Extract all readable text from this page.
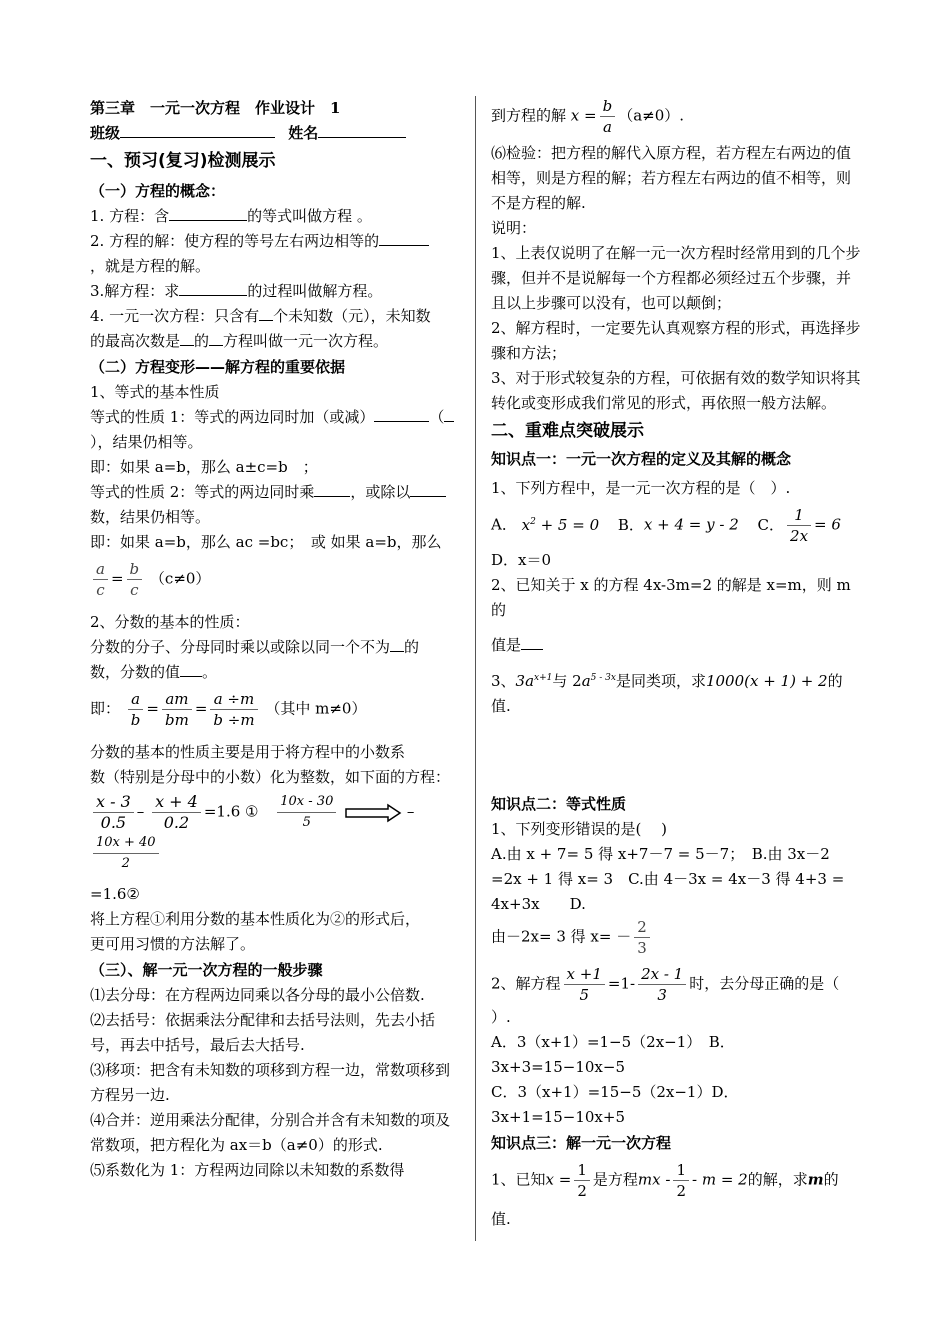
第三章　一元一次方程　作业设计　1
班级	姓名
一、预习(复习)检测展示
（一）方程的概念：
1. 方程：含	的等式叫做方程 。
2. 方程的解：使方程的等号左右两边相等的
，就是方程的解。
3.解方程：求	的过程叫做解方程。
4. 一元一次方程：只含有 个未知数（元），未知数
的最高次数是 的 方程叫做一元一次方程。
（二）方程变形——解方程的重要依据
1、等式的基本性质
等式的性质 1：等式的两边同时加（或减）	（
），结果仍相等。
即：如果 a=b，那么 a±c=b　；
等式的性质 2：等式的两边同时乘 ，或除以
数，结果仍相等。
即：如果 a=b，那么 ac =bc；　或 如果 a=b，那么
$\frac{a}{c} = \frac{b}{c} (c\ne 0)$
2、分数的基本的性质：
分数的分子、分母同时乘以或除以同一个不为 的
数，分数的值 。
即： $\frac{a}{b} = \frac{am}{bm} = \frac{a \div m}{b \div m}$ （其中 m≠0）
分数的基本的性质主要是用于将方程中的小数系
数（特别是分母中的小数）化为整数，如下面的方程：
$\frac{x - 3}{0.5} - \frac{x + 4}{0.2} =1.6$ ① $\frac{10x - 30}{5}$	–
$\frac{10x + 40}{2}$
=1.6②
将上方程①利用分数的基本性质化为②的形式后，
更可用习惯的方法解了。
（三）、解一元一次方程的一般步骤
⑴去分母：在方程两边同乘以各分母的最小公倍数.
⑵去括号：依据乘法分配律和去括号法则，先去小括号，再去中括号，最后去大括号.
⑶移项：把含有未知数的项移到方程一边，常数项移到方程另一边.
⑷合并：逆用乘法分配律，分别合并含有未知数的项及常数项，把方程化为 ax＝b（a≠0）的形式.
⑸系数化为 1：方程两边同除以未知数的系数得
到方程的解 $x = \frac{b}{a} (a\ne 0)$.
⑹检验：把方程的解代入原方程，若方程左右两边的值相等，则是方程的解；若方程左右两边的值不相等，则不是方程的解.
说明：
1、上表仅说明了在解一元一次方程时经常用到的几个步骤，但并不是说解每一个方程都必须经过五个步骤，并且以上步骤可以没有，也可以颠倒；
2、解方程时，一定要先认真观察方程的形式，再选择步骤和方法；
3、对于形式较复杂的方程，可依据有效的数学知识将其转化或变形成我们常见的形式，再依照一般方法解。
二、重难点突破展示
知识点一：一元一次方程的定义及其解的概念
1、下列方程中，是一元一次方程的是（　）.
A． $x^2 + 5 = 0$ B．x + 4 = y - 2 C． $\frac{1}{2x} = 6$
D．x＝0
2、已知关于 x 的方程 4x-3m=2 的解是 x=m，则 m 的
值是
3、$3a^{x+1}$与 $2a^{5 - 3x}$是同类项，求1000(x + 1) + 2的
值.
知识点二：等式性质
1、下列变形错误的是(　 )
A.由 x + 7= 5 得 x+7－7 = 5－7；　B.由 3x－2 =2x + 1 得 x= 3　C.由 4－3x = 4x－3 得 4+3 = 4x+3x　　D.
由－2x= 3 得 $x= - \frac{2}{3}$
2、解方程 $\frac{x +1}{5} =1- \frac{2x - 1}{3}$ 时，去分母正确的是（
）.
A．3（x+1）=1−5（2x−1）　B．3x+3=15−10x−5
C．3（x+1）=15−5（2x−1）D．3x+1=15−10x+5
知识点三：解一元一次方程
1、已知$x = \frac{1}{2}$ 是方程mx - $\frac{1}{2} - m = 2$的解，求m的
值.
